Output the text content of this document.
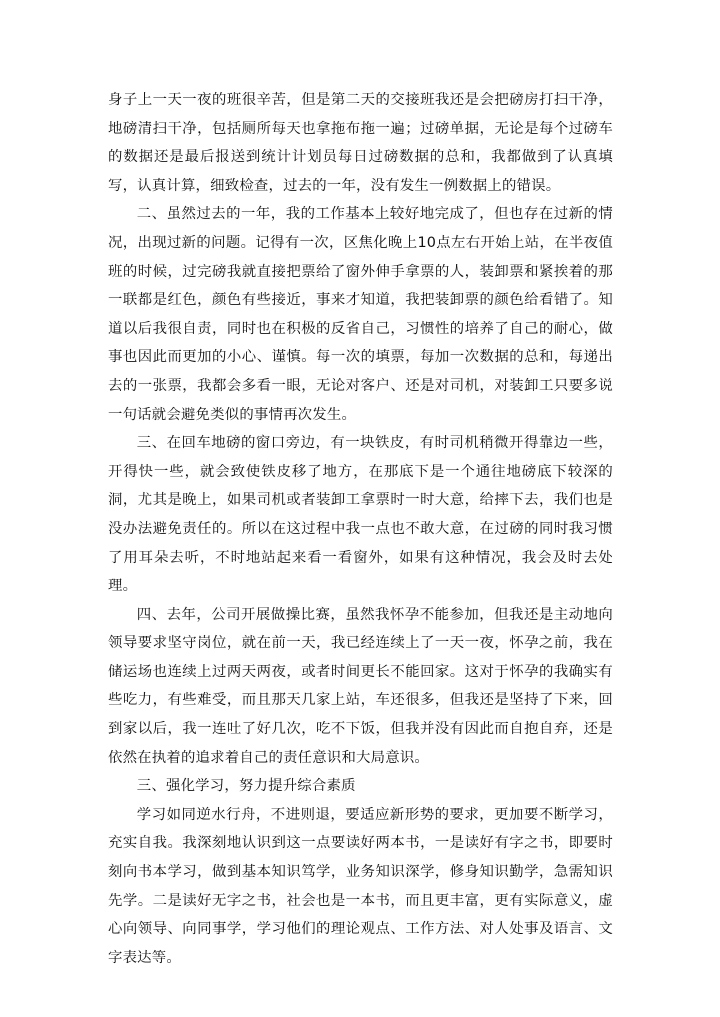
身子上一天一夜的班很辛苦，但是第二天的交接班我还是会把磅房打扫干净，地磅清扫干净，包括厕所每天也拿拖布拖一遍；过磅单据，无论是每个过磅车的数据还是最后报送到统计计划员每日过磅数据的总和，我都做到了认真填写，认真计算，细致检查，过去的一年，没有发生一例数据上的错误。

二、虽然过去的一年，我的工作基本上较好地完成了，但也存在过新的情况，出现过新的问题。记得有一次，区焦化晚上10点左右开始上站，在半夜值班的时候，过完磅我就直接把票给了窗外伸手拿票的人，装卸票和紧挨着的那一联都是红色，颜色有些接近，事来才知道，我把装卸票的颜色给看错了。知道以后我很自责，同时也在积极的反省自己，习惯性的培养了自己的耐心，做事也因此而更加的小心、谨慎。每一次的填票，每加一次数据的总和，每递出去的一张票，我都会多看一眼，无论对客户、还是对司机，对装卸工只要多说一句话就会避免类似的事情再次发生。

三、在回车地磅的窗口旁边，有一块铁皮，有时司机稍微开得靠边一些，开得快一些，就会致使铁皮移了地方，在那底下是一个通往地磅底下较深的洞，尤其是晚上，如果司机或者装卸工拿票时一时大意，给摔下去，我们也是没办法避免责任的。所以在这过程中我一点也不敢大意，在过磅的同时我习惯了用耳朵去听，不时地站起来看一看窗外，如果有这种情况，我会及时去处理。

四、去年，公司开展做操比赛，虽然我怀孕不能参加，但我还是主动地向领导要求坚守岗位，就在前一天，我已经连续上了一天一夜，怀孕之前，我在储运场也连续上过两天两夜，或者时间更长不能回家。这对于怀孕的我确实有些吃力，有些难受，而且那天几家上站，车还很多，但我还是坚持了下来，回到家以后，我一连吐了好几次，吃不下饭，但我并没有因此而自抱自弃，还是依然在执着的追求着自己的责任意识和大局意识。

三、强化学习，努力提升综合素质

学习如同逆水行舟，不进则退，要适应新形势的要求，更加要不断学习，充实自我。我深刻地认识到这一点要读好两本书，一是读好有字之书，即要时刻向书本学习，做到基本知识笃学，业务知识深学，修身知识勤学，急需知识先学。二是读好无字之书，社会也是一本书，而且更丰富，更有实际意义，虚心向领导、向同事学，学习他们的理论观点、工作方法、对人处事及语言、文字表达等。
